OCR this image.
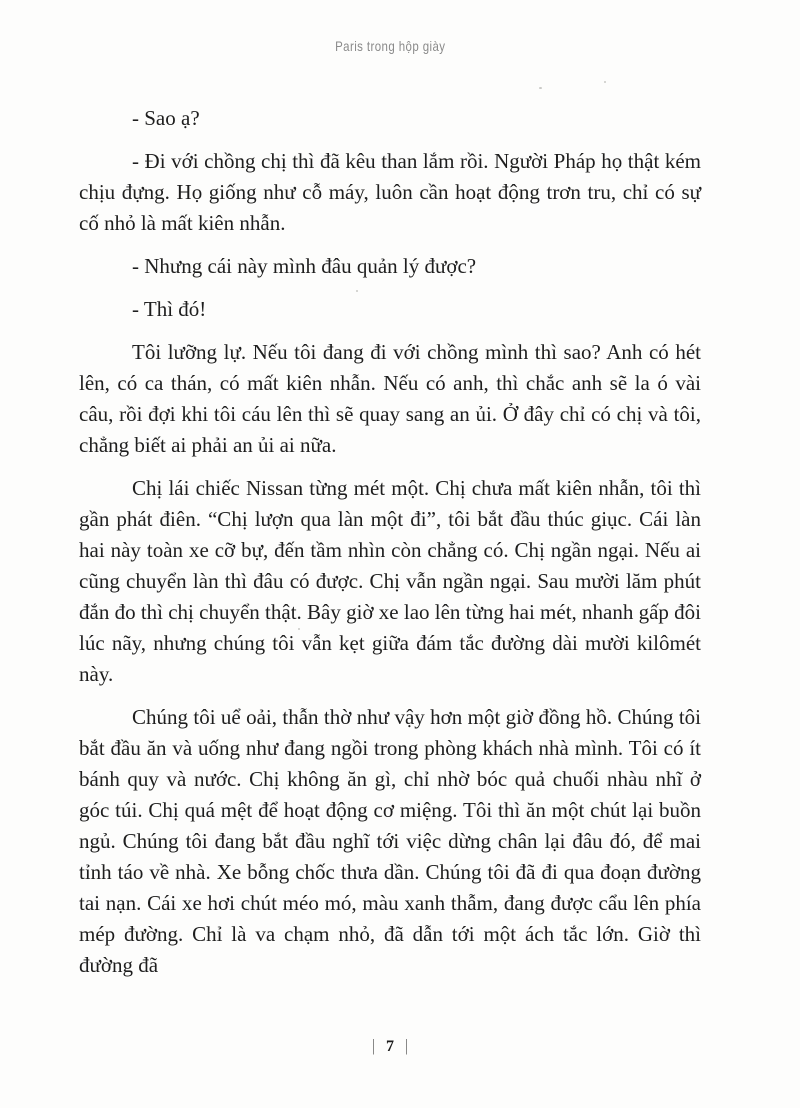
Paris trong hộp giày

- Sao ạ?

- Đi với chồng chị thì đã kêu than lắm rồi. Người Pháp họ thật kém chịu đựng. Họ giống như cỗ máy, luôn cần hoạt động trơn tru, chỉ có sự cố nhỏ là mất kiên nhẫn.

- Nhưng cái này mình đâu quản lý được?

- Thì đó!

Tôi lưỡng lự. Nếu tôi đang đi với chồng mình thì sao? Anh có hét lên, có ca thán, có mất kiên nhẫn. Nếu có anh, thì chắc anh sẽ la ó vài câu, rồi đợi khi tôi cáu lên thì sẽ quay sang an ủi. Ở đây chỉ có chị và tôi, chẳng biết ai phải an ủi ai nữa.

Chị lái chiếc Nissan từng mét một. Chị chưa mất kiên nhẫn, tôi thì gần phát điên. “Chị lượn qua làn một đi”, tôi bắt đầu thúc giục. Cái làn hai này toàn xe cỡ bự, đến tầm nhìn còn chẳng có. Chị ngần ngại. Nếu ai cũng chuyển làn thì đâu có được. Chị vẫn ngần ngại. Sau mười lăm phút đắn đo thì chị chuyển thật. Bây giờ xe lao lên từng hai mét, nhanh gấp đôi lúc nãy, nhưng chúng tôi vẫn kẹt giữa đám tắc đường dài mười kilômét này.

Chúng tôi uể oải, thẫn thờ như vậy hơn một giờ đồng hồ. Chúng tôi bắt đầu ăn và uống như đang ngồi trong phòng khách nhà mình. Tôi có ít bánh quy và nước. Chị không ăn gì, chỉ nhờ bóc quả chuối nhàu nhĩ ở góc túi. Chị quá mệt để hoạt động cơ miệng. Tôi thì ăn một chút lại buồn ngủ. Chúng tôi đang bắt đầu nghĩ tới việc dừng chân lại đâu đó, để mai tỉnh táo về nhà. Xe bỗng chốc thưa dần. Chúng tôi đã đi qua đoạn đường tai nạn. Cái xe hơi chút méo mó, màu xanh thẫm, đang được cẩu lên phía mép đường. Chỉ là va chạm nhỏ, đã dẫn tới một ách tắc lớn. Giờ thì đường đã

| 7 |
